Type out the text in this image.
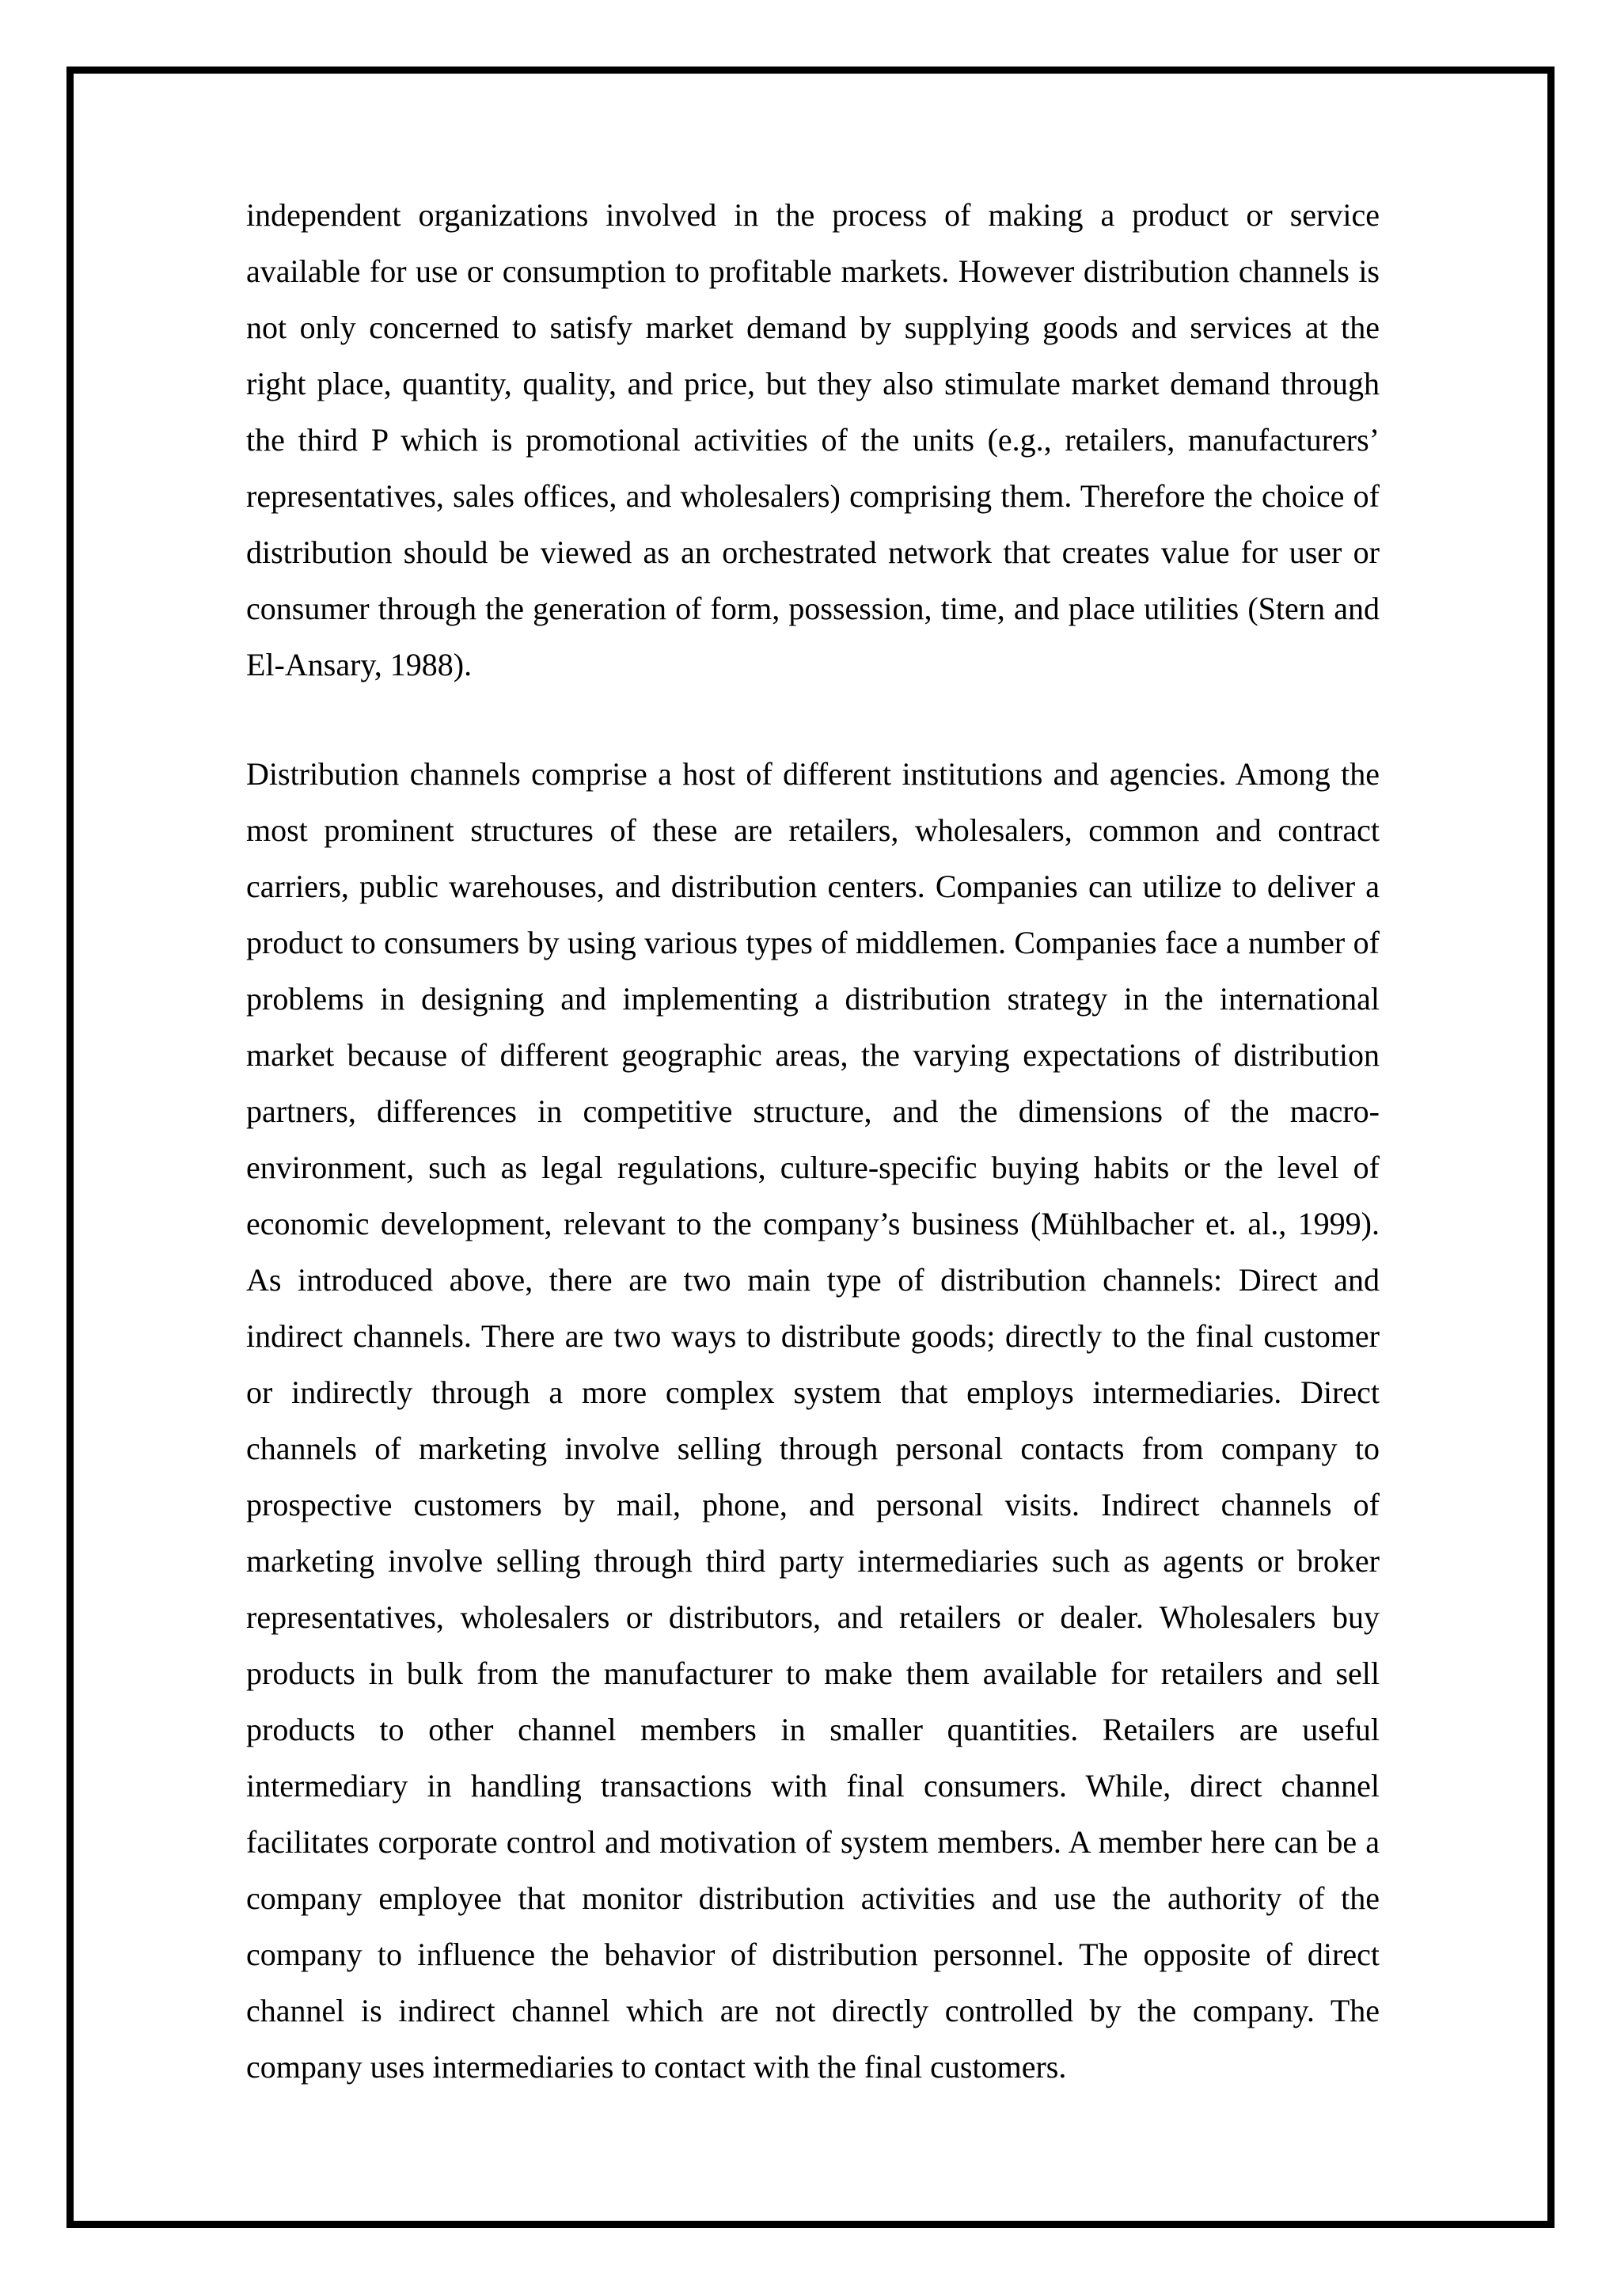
independent organizations involved in the process of making a product or service available for use or consumption to profitable markets. However distribution channels is not only concerned to satisfy market demand by supplying goods and services at the right place, quantity, quality, and price, but they also stimulate market demand through the third P which is promotional activities of the units (e.g., retailers, manufacturers’ representatives, sales offices, and wholesalers) comprising them. Therefore the choice of distribution should be viewed as an orchestrated network that creates value for user or consumer through the generation of form, possession, time, and place utilities (Stern and El-Ansary, 1988).

Distribution channels comprise a host of different institutions and agencies. Among the most prominent structures of these are retailers, wholesalers, common and contract carriers, public warehouses, and distribution centers. Companies can utilize to deliver a product to consumers by using various types of middlemen. Companies face a number of problems in designing and implementing a distribution strategy in the international market because of different geographic areas, the varying expectations of distribution partners, differences in competitive structure, and the dimensions of the macro-environment, such as legal regulations, culture-specific buying habits or the level of economic development, relevant to the company’s business (Mühlbacher et. al., 1999). As introduced above, there are two main type of distribution channels: Direct and indirect channels. There are two ways to distribute goods; directly to the final customer or indirectly through a more complex system that employs intermediaries. Direct channels of marketing involve selling through personal contacts from company to prospective customers by mail, phone, and personal visits. Indirect channels of marketing involve selling through third party intermediaries such as agents or broker representatives, wholesalers or distributors, and retailers or dealer. Wholesalers buy products in bulk from the manufacturer to make them available for retailers and sell products to other channel members in smaller quantities. Retailers are useful intermediary in handling transactions with final consumers. While, direct channel facilitates corporate control and motivation of system members. A member here can be a company employee that monitor distribution activities and use the authority of the company to influence the behavior of distribution personnel. The opposite of direct channel is indirect channel which are not directly controlled by the company. The company uses intermediaries to contact with the final customers.
